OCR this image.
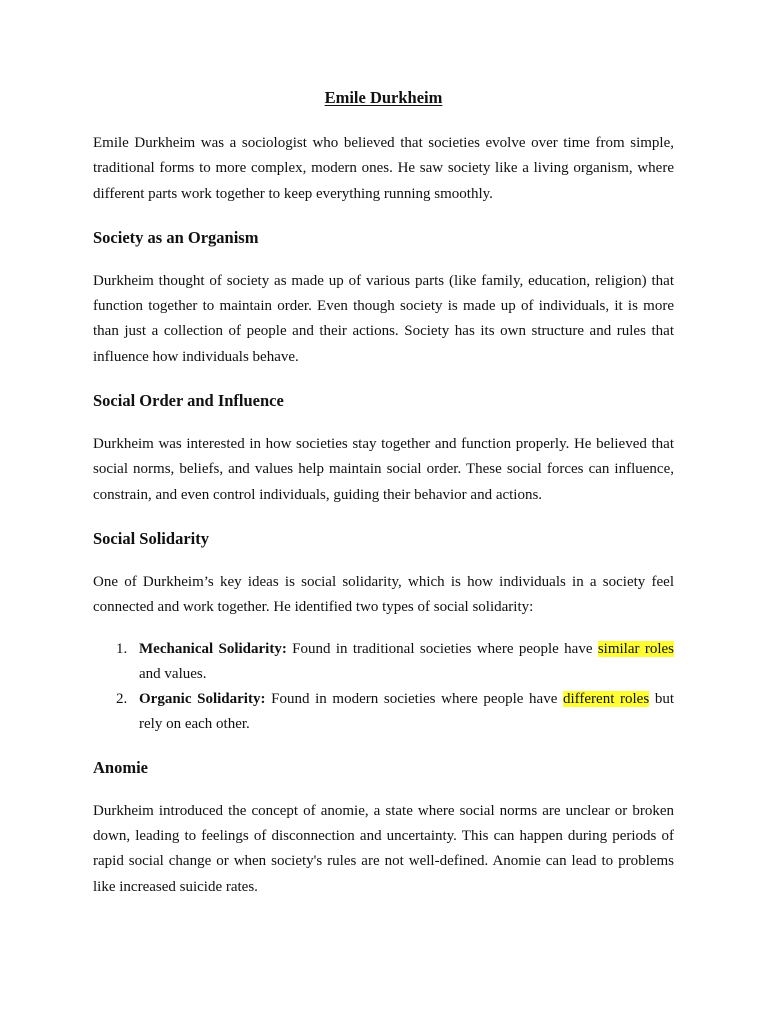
Emile Durkheim

Emile Durkheim was a sociologist who believed that societies evolve over time from simple, traditional forms to more complex, modern ones. He saw society like a living organism, where different parts work together to keep everything running smoothly.

Society as an Organism

Durkheim thought of society as made up of various parts (like family, education, religion) that function together to maintain order. Even though society is made up of individuals, it is more than just a collection of people and their actions. Society has its own structure and rules that influence how individuals behave.

Social Order and Influence

Durkheim was interested in how societies stay together and function properly. He believed that social norms, beliefs, and values help maintain social order. These social forces can influence, constrain, and even control individuals, guiding their behavior and actions.

Social Solidarity

One of Durkheim’s key ideas is social solidarity, which is how individuals in a society feel connected and work together. He identified two types of social solidarity:

1. Mechanical Solidarity: Found in traditional societies where people have similar roles and values.
2. Organic Solidarity: Found in modern societies where people have different roles but rely on each other.
Anomie

Durkheim introduced the concept of anomie, a state where social norms are unclear or broken down, leading to feelings of disconnection and uncertainty. This can happen during periods of rapid social change or when society's rules are not well-defined. Anomie can lead to problems like increased suicide rates.
